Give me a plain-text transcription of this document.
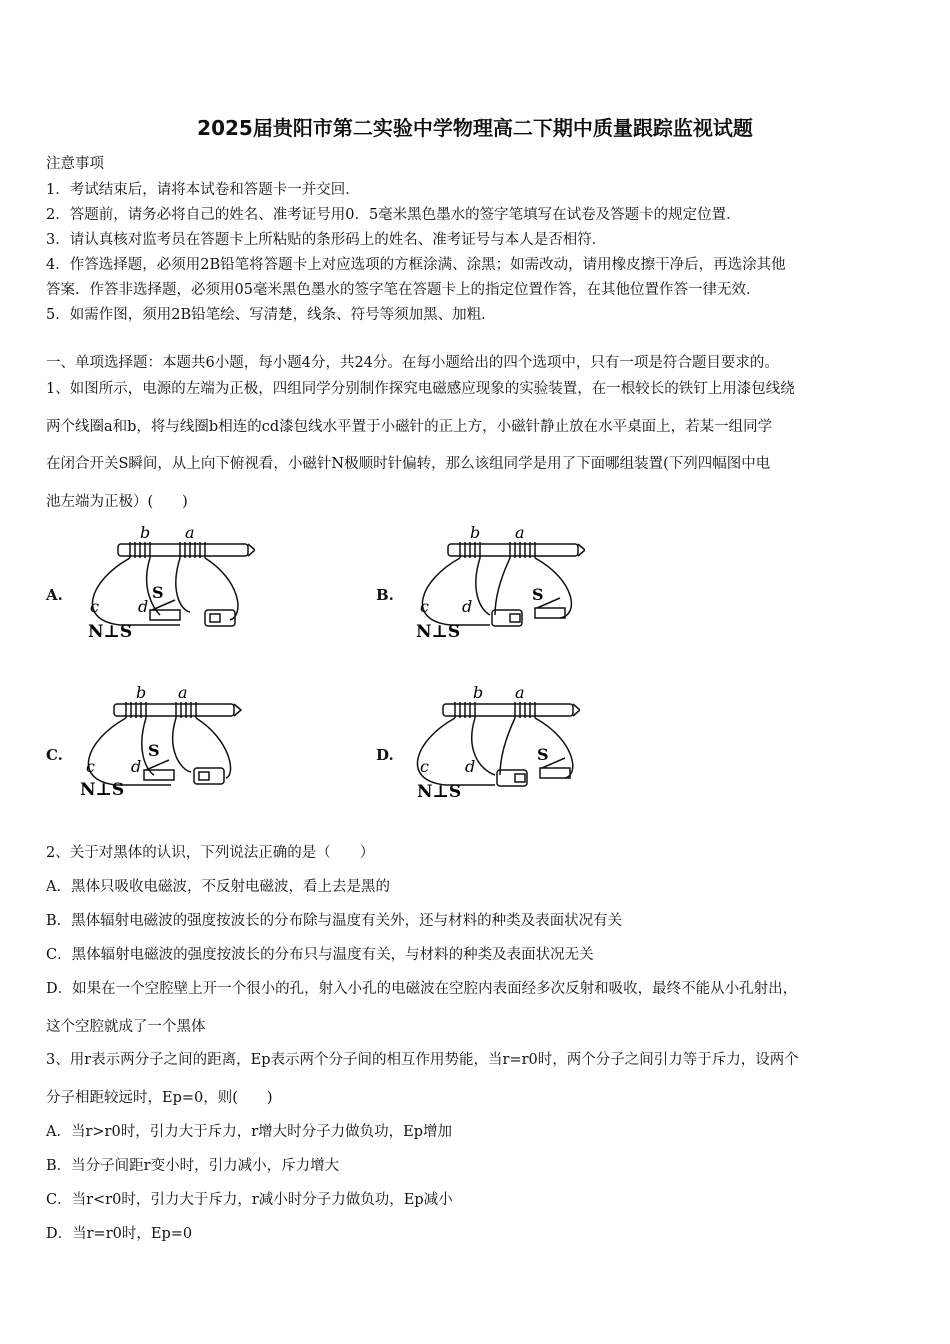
2025届贵阳市第二实验中学物理高二下期中质量跟踪监视试题
注意事项
1．考试结束后，请将本试卷和答题卡一并交回．
2．答题前，请务必将自己的姓名、准考证号用0．5毫米黑色墨水的签字笔填写在试卷及答题卡的规定位置．
3．请认真核对监考员在答题卡上所粘贴的条形码上的姓名、准考证号与本人是否相符．
4．作答选择题，必须用2B铅笔将答题卡上对应选项的方框涂满、涂黑；如需改动，请用橡皮擦干净后，再选涂其他
答案．作答非选择题，必须用05毫米黑色墨水的签字笔在答题卡上的指定位置作答，在其他位置作答一律无效．
5．如需作图，须用2B铅笔绘、写清楚，线条、符号等须加黑、加粗．
一、单项选择题：本题共6小题，每小题4分，共24分。在每小题给出的四个选项中，只有一项是符合题目要求的。
1、如图所示，电源的左端为正极，四组同学分别制作探究电磁感应现象的实验装置，在一根较长的铁钉上用漆包线绕
两个线圈a和b，将与线圈b相连的cd漆包线水平置于小磁针的正上方，小磁针静止放在水平桌面上，若某一组同学
在闭合开关S瞬间，从上向下俯视看，小磁针N极顺时针偏转，那么该组同学是用了下面哪组装置(下列四幅图中电
池左端为正极）(　　)
A.
b a
c d
S
N⊥S
B.
b a
c d
S
N⊥S
C.
b a
c d
S
N⊥S
D.
b a
c d
S
N⊥S
2、关于对黑体的认识，下列说法正确的是（　　）
A．黑体只吸收电磁波，不反射电磁波，看上去是黑的
B．黑体辐射电磁波的强度按波长的分布除与温度有关外，还与材料的种类及表面状况有关
C．黑体辐射电磁波的强度按波长的分布只与温度有关，与材料的种类及表面状况无关
D．如果在一个空腔壁上开一个很小的孔，射入小孔的电磁波在空腔内表面经多次反射和吸收，最终不能从小孔射出，
这个空腔就成了一个黑体
3、用r表示两分子之间的距离，Ep表示两个分子间的相互作用势能，当r=r0时，两个分子之间引力等于斥力，设两个
分子相距较远时，Ep=0，则(　　)
A．当r>r0时，引力大于斥力，r增大时分子力做负功，Ep增加
B．当分子间距r变小时，引力减小，斥力增大
C．当r<r0时，引力大于斥力，r减小时分子力做负功，Ep减小
D．当r=r0时，Ep=0
